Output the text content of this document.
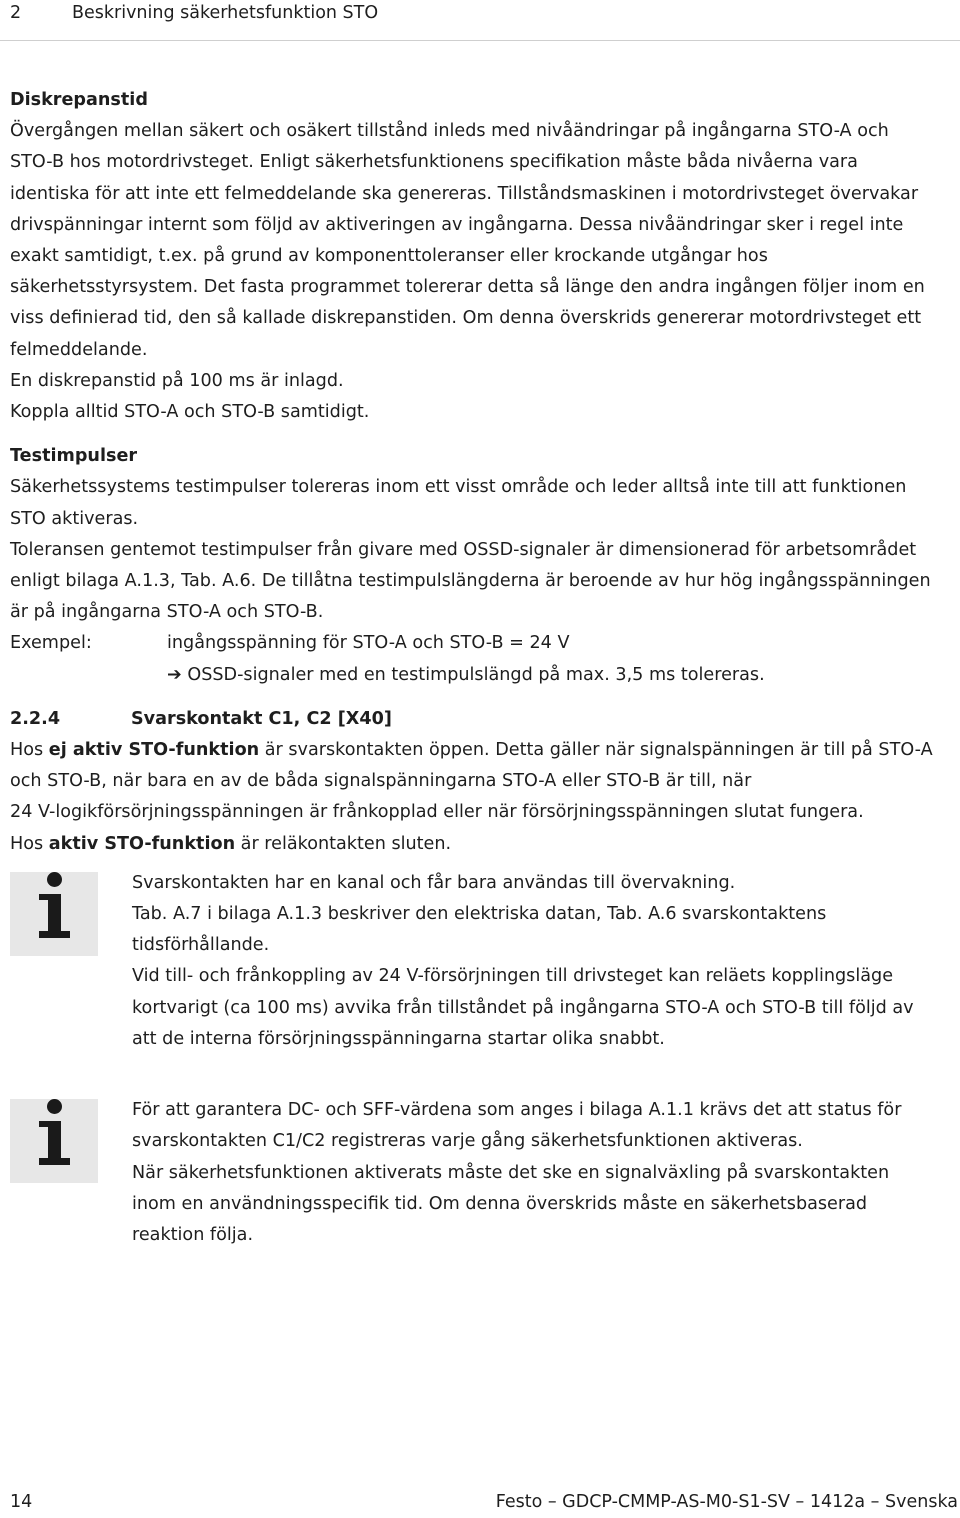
2	Beskrivning säkerhetsfunktion STO

Diskrepanstid

Övergången mellan säkert och osäkert tillstånd inleds med nivåändringar på ingångarna STO-A och

STO-B hos motordrivsteget. Enligt säkerhetsfunktionens specifikation måste båda nivåerna vara

identiska för att inte ett felmeddelande ska genereras. Tillståndsmaskinen i motordrivsteget övervakar

drivspänningar internt som följd av aktiveringen av ingångarna. Dessa nivåändringar sker i regel inte

exakt samtidigt, t.ex. på grund av komponenttoleranser eller krockande utgångar hos

säkerhetsstyrsystem. Det fasta programmet tolererar detta så länge den andra ingången följer inom en

viss definierad tid, den så kallade diskrepanstiden. Om denna överskrids genererar motordrivsteget ett

felmeddelande.

En diskrepanstid på 100 ms är inlagd.

Koppla alltid STO-A och STO-B samtidigt.

Testimpulser

Säkerhetssystems testimpulser tolereras inom ett visst område och leder alltså inte till att funktionen

STO aktiveras.

Toleransen gentemot testimpulser från givare med OSSD-signaler är dimensionerad för arbetsområdet

enligt bilaga A.1.3, Tab. A.6. De tillåtna testimpulslängderna är beroende av hur hög ingångsspänningen

är på ingångarna STO-A och STO-B.

Exempel:	ingångsspänning för STO-A och STO-B = 24 V
➔ OSSD-signaler med en testimpulslängd på max. 3,5 ms tolereras.
2.2.4	Svarskontakt C1, C2 [X40]

Hos ej aktiv STO-funktion är svarskontakten öppen. Detta gäller när signalspänningen är till på STO-A

och STO-B, när bara en av de båda signalspänningarna STO-A eller STO-B är till, när

24 V-logikförsörjningsspänningen är frånkopplad eller när försörjningsspänningen slutat fungera.

Hos aktiv STO-funktion är reläkontakten sluten.

Svarskontakten har en kanal och får bara användas till övervakning.

Tab. A.7 i bilaga A.1.3 beskriver den elektriska datan, Tab. A.6 svarskontaktens

tidsförhållande.

Vid till- och frånkoppling av 24 V-försörjningen till drivsteget kan reläets kopplingsläge

kortvarigt (ca 100 ms) avvika från tillståndet på ingångarna STO-A och STO-B till följd av

att de interna försörjningsspänningarna startar olika snabbt.

För att garantera DC- och SFF-värdena som anges i bilaga A.1.1 krävs det att status för

svarskontakten C1/C2 registreras varje gång säkerhetsfunktionen aktiveras.

När säkerhetsfunktionen aktiverats måste det ske en signalväxling på svarskontakten

inom en användningsspecifik tid. Om denna överskrids måste en säkerhetsbaserad

reaktion följa.

14	Festo – GDCP-CMMP-AS-M0-S1-SV – 1412a – Svenska
